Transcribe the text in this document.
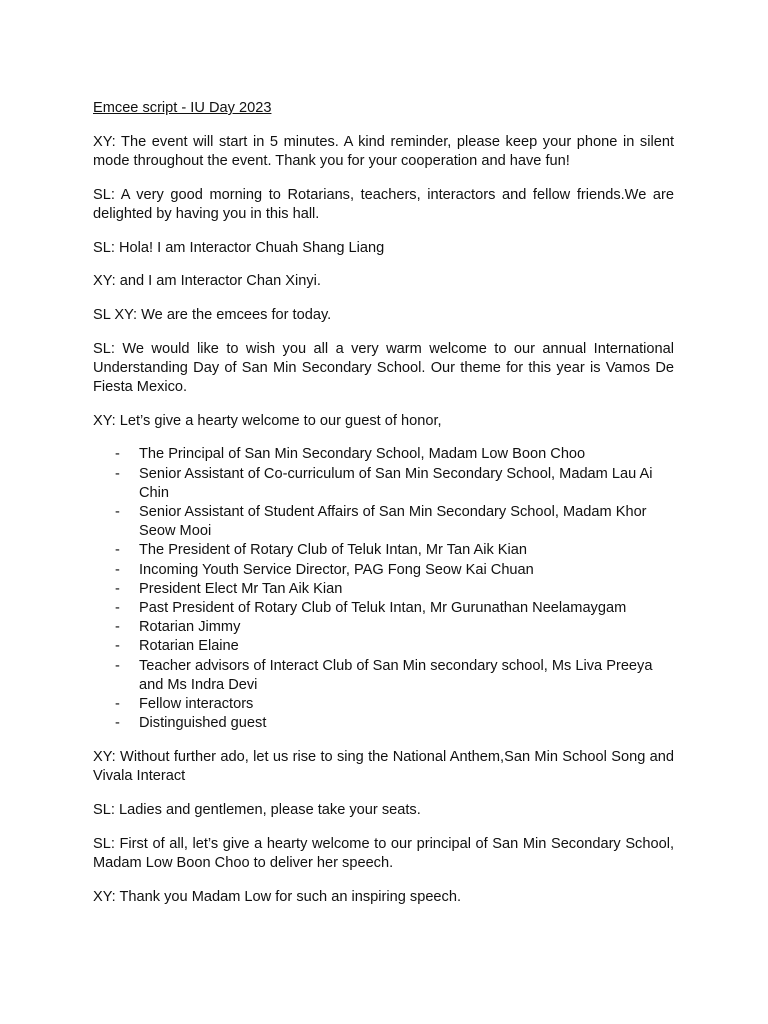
Emcee script - IU Day 2023

XY: The event will start in 5 minutes. A kind reminder, please keep your phone in silent mode throughout the event. Thank you for your cooperation and have fun!

SL: A very good morning to Rotarians, teachers, interactors and fellow friends.We are delighted by having you in this hall.

SL: Hola! I am Interactor Chuah Shang Liang

XY: and I am Interactor Chan Xinyi.

SL XY: We are the emcees for today.

SL: We would like to wish you all a very warm welcome to our annual International Understanding Day of San Min Secondary School. Our theme for this year is Vamos De Fiesta Mexico.

XY: Let’s give a hearty welcome to our guest of honor,

- The Principal of San Min Secondary School, Madam Low Boon Choo
- Senior Assistant of Co-curriculum of San Min Secondary School, Madam Lau Ai Chin
- Senior Assistant of Student Affairs of San Min Secondary School, Madam Khor Seow Mooi
- The President of Rotary Club of Teluk Intan, Mr Tan Aik Kian
- Incoming Youth Service Director, PAG Fong Seow Kai Chuan
- President Elect Mr Tan Aik Kian
- Past President of Rotary Club of Teluk Intan, Mr Gurunathan Neelamaygam
- Rotarian Jimmy
- Rotarian Elaine
- Teacher advisors of Interact Club of San Min secondary school, Ms Liva Preeya and Ms Indra Devi
- Fellow interactors
- Distinguished guest

XY: Without further ado, let us rise to sing the National Anthem,San Min School Song and Vivala Interact

SL: Ladies and gentlemen, please take your seats.

SL: First of all, let’s give a hearty welcome to our principal of San Min Secondary School, Madam Low Boon Choo to deliver her speech.

XY: Thank you Madam Low for such an inspiring speech.
